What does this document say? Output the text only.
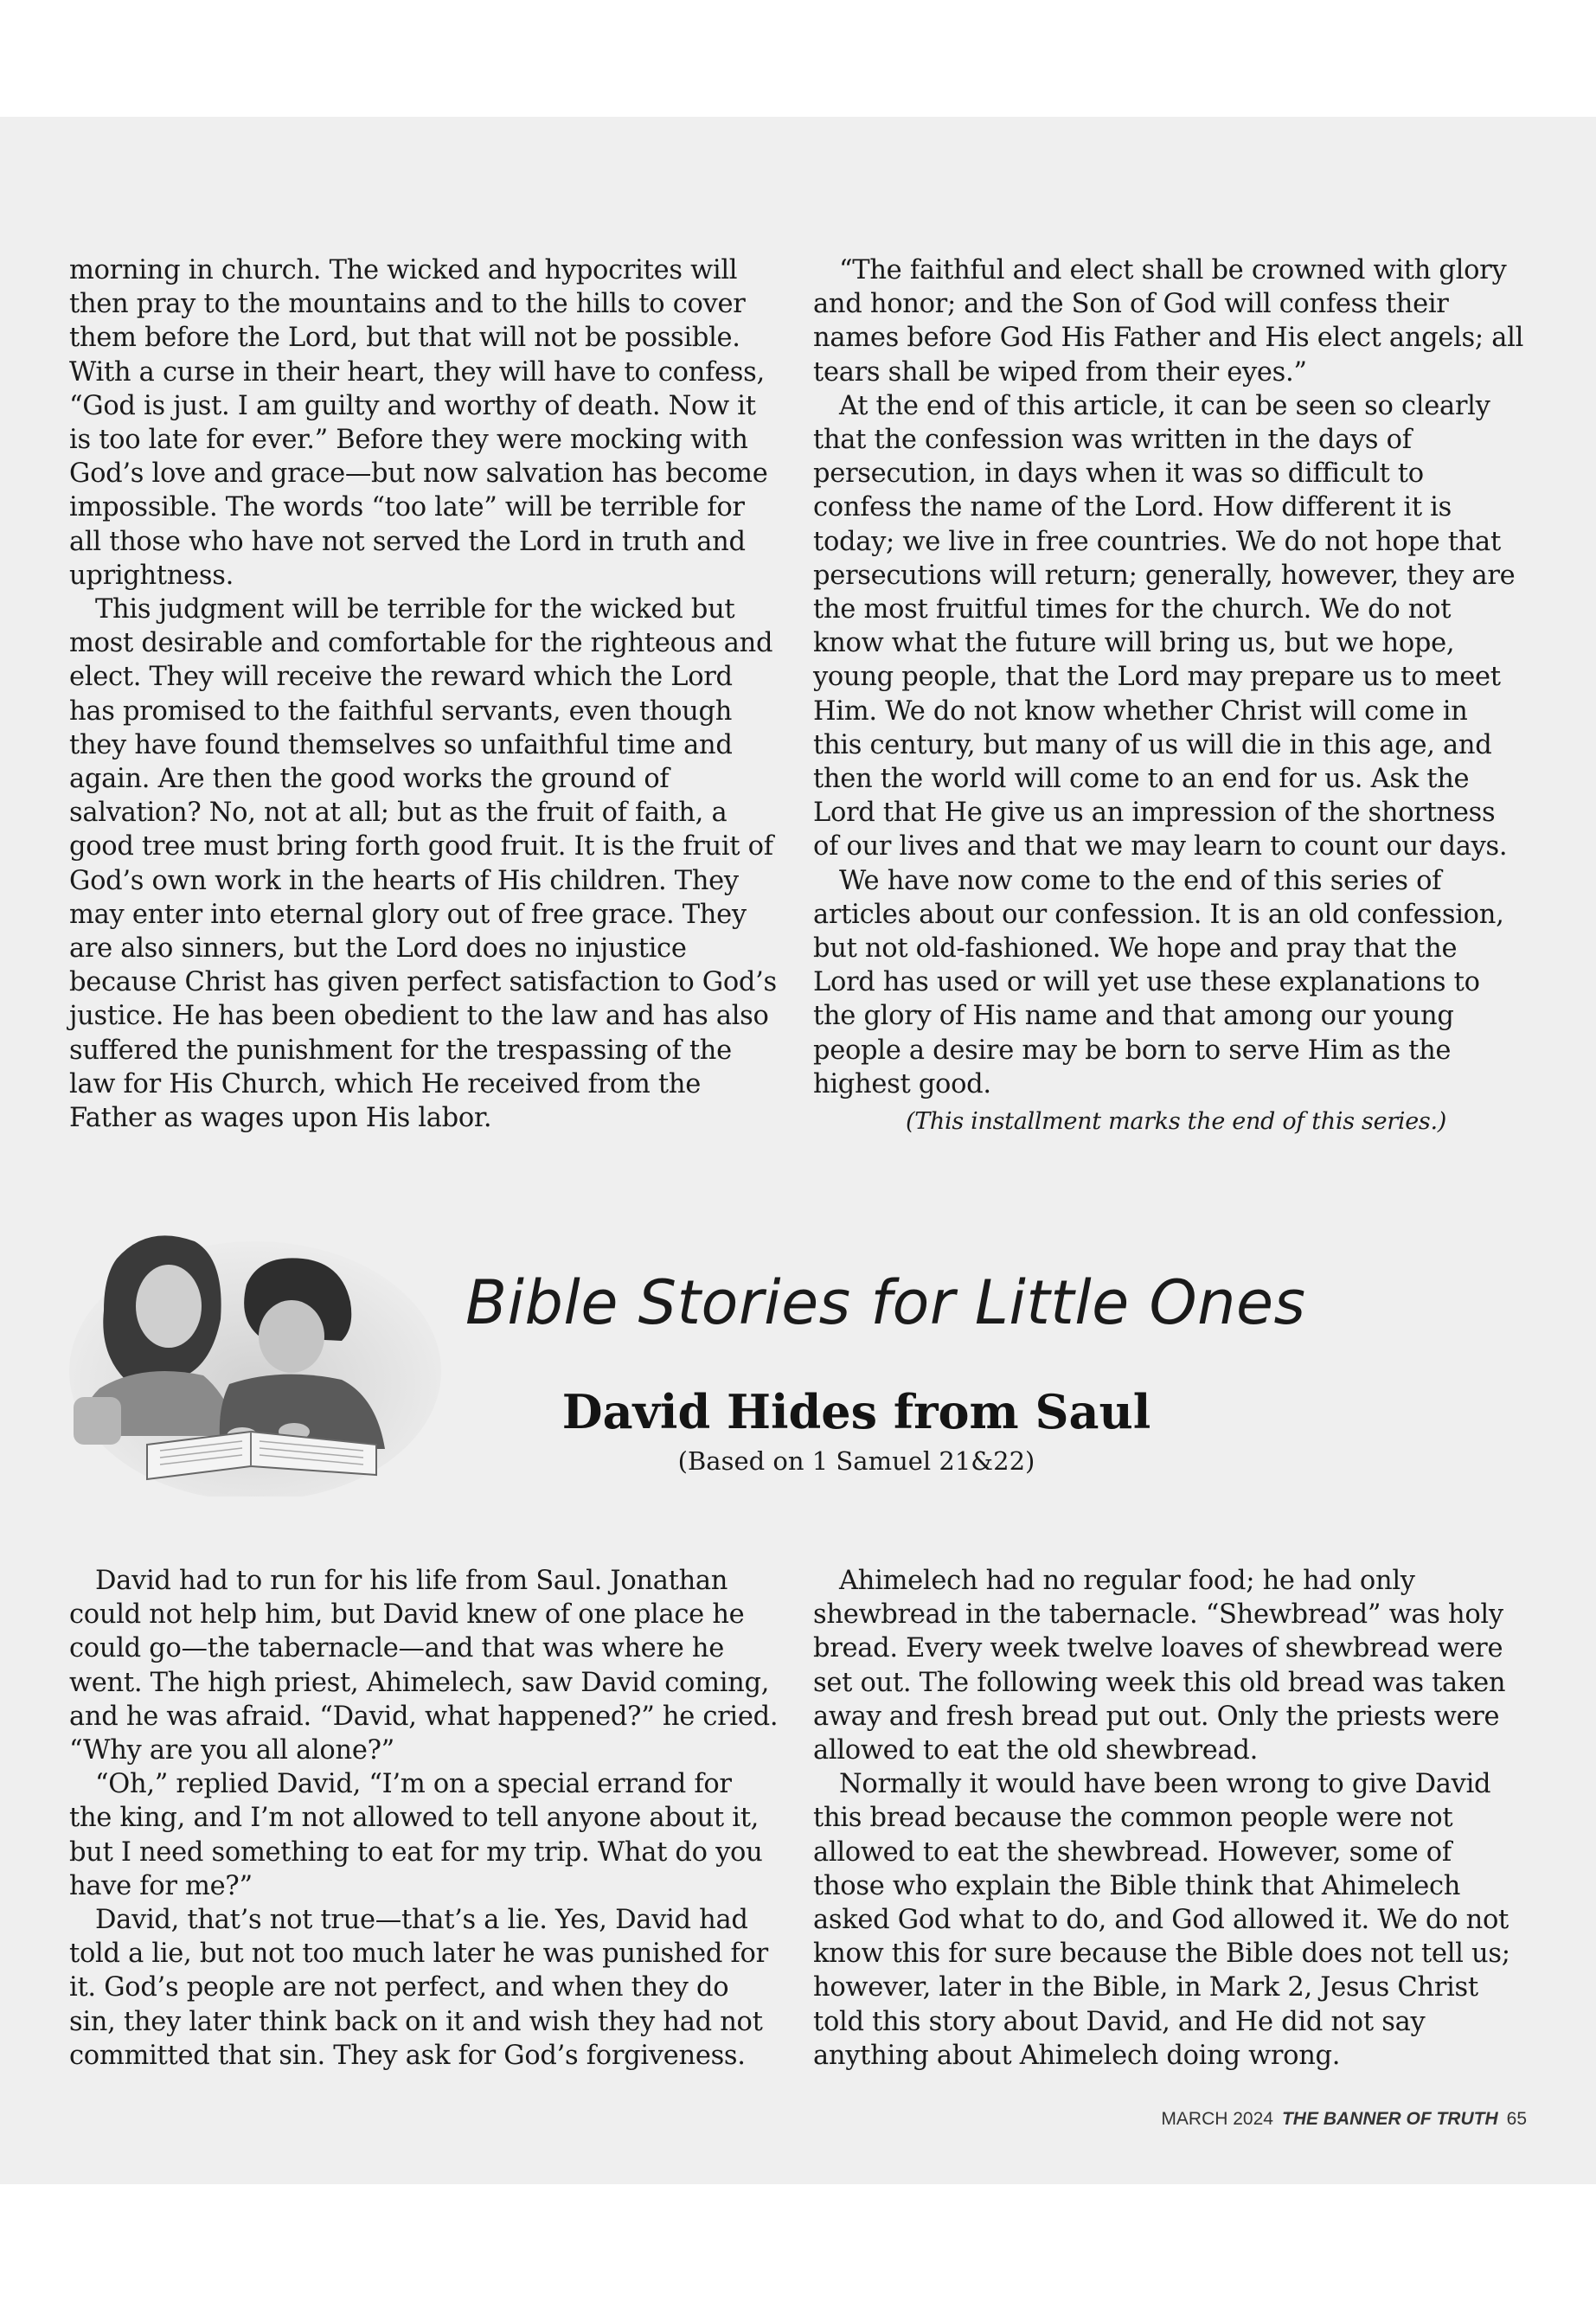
morning in church. The wicked and hypocrites will then pray to the mountains and to the hills to cover them before the Lord, but that will not be possible. With a curse in their heart, they will have to confess, “God is just. I am guilty and worthy of death. Now it is too late for ever.” Before they were mocking with God’s love and grace—but now salvation has become impossible. The words “too late” will be terrible for all those who have not served the Lord in truth and uprightness.

This judgment will be terrible for the wicked but most desirable and comfortable for the righteous and elect. They will receive the reward which the Lord has promised to the faithful servants, even though they have found themselves so unfaithful time and again. Are then the good works the ground of salvation? No, not at all; but as the fruit of faith, a good tree must bring forth good fruit. It is the fruit of God’s own work in the hearts of His children. They may enter into eternal glory out of free grace. They are also sinners, but the Lord does no injustice because Christ has given perfect satisfaction to God’s justice. He has been obedient to the law and has also suffered the punishment for the trespassing of the law for His Church, which He received from the Father as wages upon His labor.

“The faithful and elect shall be crowned with glory and honor; and the Son of God will confess their names before God His Father and His elect angels; all tears shall be wiped from their eyes.”

At the end of this article, it can be seen so clearly that the confession was written in the days of persecution, in days when it was so difficult to confess the name of the Lord. How different it is today; we live in free countries. We do not hope that persecutions will return; generally, however, they are the most fruitful times for the church. We do not know what the future will bring us, but we hope, young people, that the Lord may prepare us to meet Him. We do not know whether Christ will come in this century, but many of us will die in this age, and then the world will come to an end for us. Ask the Lord that He give us an impression of the shortness of our lives and that we may learn to count our days.

We have now come to the end of this series of articles about our confession. It is an old confession, but not old-fashioned. We hope and pray that the Lord has used or will yet use these explanations to the glory of His name and that among our young people a desire may be born to serve Him as the highest good.

(This installment marks the end of this series.)

Bible Stories for Little Ones
David Hides from Saul
(Based on 1 Samuel 21&22)

David had to run for his life from Saul. Jonathan could not help him, but David knew of one place he could go—the tabernacle—and that was where he went. The high priest, Ahimelech, saw David coming, and he was afraid. “David, what happened?” he cried. “Why are you all alone?”

“Oh,” replied David, “I’m on a special errand for the king, and I’m not allowed to tell anyone about it, but I need something to eat for my trip. What do you have for me?”

David, that’s not true—that’s a lie. Yes, David had told a lie, but not too much later he was punished for it. God’s people are not perfect, and when they do sin, they later think back on it and wish they had not committed that sin. They ask for God’s forgiveness.

Ahimelech had no regular food; he had only shewbread in the tabernacle. “Shewbread” was holy bread. Every week twelve loaves of shewbread were set out. The following week this old bread was taken away and fresh bread put out. Only the priests were allowed to eat the old shewbread.

Normally it would have been wrong to give David this bread because the common people were not allowed to eat the shewbread. However, some of those who explain the Bible think that Ahimelech asked God what to do, and God allowed it. We do not know this for sure because the Bible does not tell us; however, later in the Bible, in Mark 2, Jesus Christ told this story about David, and He did not say anything about Ahimelech doing wrong.

MARCH 2024 THE BANNER OF TRUTH 65
